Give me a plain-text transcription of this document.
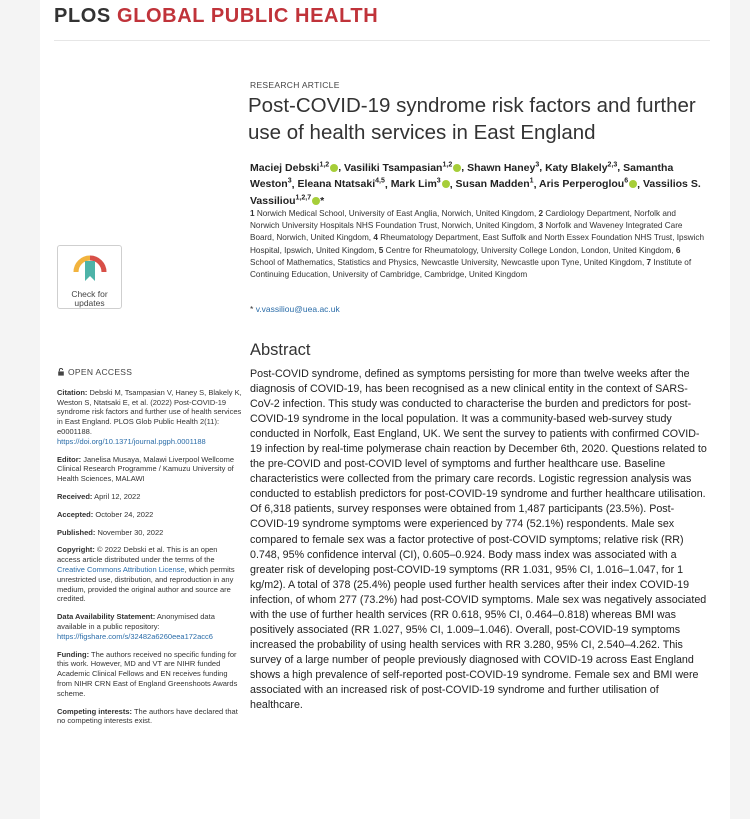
PLOS GLOBAL PUBLIC HEALTH
RESEARCH ARTICLE
Post-COVID-19 syndrome risk factors and further use of health services in East England
Maciej Debski$^{1,2}$ , Vasiliki Tsampasian$^{1,2}$ , Shawn Haney$^3$, Katy Blakely$^{2,3}$, Samantha Weston$^3$, Eleana Ntatsaki$^{4,5}$, Mark Lim$^3$ , Susan Madden$^1$, Aris Perperoglou$^6$ , Vassilios S. Vassiliou$^{1,2,7}$ *
1 Norwich Medical School, University of East Anglia, Norwich, United Kingdom, 2 Cardiology Department, Norfolk and Norwich University Hospitals NHS Foundation Trust, Norwich, United Kingdom, 3 Norfolk and Waveney Integrated Care Board, Norwich, United Kingdom, 4 Rheumatology Department, East Suffolk and North Essex Foundation NHS Trust, Ipswich Hospital, Ipswich, United Kingdom, 5 Centre for Rheumatology, University College London, London, United Kingdom, 6 School of Mathematics, Statistics and Physics, Newcastle University, Newcastle upon Tyne, United Kingdom, 7 Institute of Continuing Education, University of Cambridge, Cambridge, United Kingdom
* v.vassiliou@uea.ac.uk
Check for
updates
OPEN ACCESS
Citation: Debski M, Tsampasian V, Haney S, Blakely K, Weston S, Ntatsaki E, et al. (2022) Post-COVID-19 syndrome risk factors and further use of health services in East England. PLOS Glob Public Health 2(11): e0001188. https://doi.org/10.1371/journal.pgph.0001188
Editor: Janelisa Musaya, Malawi Liverpool Wellcome Clinical Research Programme / Kamuzu University of Health Sciences, MALAWI
Received: April 12, 2022
Accepted: October 24, 2022
Published: November 30, 2022
Copyright: © 2022 Debski et al. This is an open access article distributed under the terms of the Creative Commons Attribution License, which permits unrestricted use, distribution, and reproduction in any medium, provided the original author and source are credited.
Data Availability Statement: Anonymised data available in a public repository: https://figshare.com/s/32482a6260eea172acc6
Funding: The authors received no specific funding for this work. However, MD and VT are NIHR funded Academic Clinical Fellows and EN receives funding from NIHR CRN East of England Greenshoots Awards scheme.
Competing interests: The authors have declared that no competing interests exist.
Abstract

Post-COVID syndrome, defined as symptoms persisting for more than twelve weeks after the diagnosis of COVID-19, has been recognised as a new clinical entity in the context of SARS-CoV-2 infection. This study was conducted to characterise the burden and predictors for post-COVID-19 syndrome in the local population. It was a community-based web-survey study conducted in Norfolk, East England, UK. We sent the survey to patients with confirmed COVID-19 infection by real-time polymerase chain reaction by December 6th, 2020. Questions related to the pre-COVID and post-COVID level of symptoms and further healthcare use. Baseline characteristics were collected from the primary care records. Logistic regression analysis was conducted to establish predictors for post-COVID-19 syndrome and further healthcare utilisation. Of 6,318 patients, survey responses were obtained from 1,487 participants (23.5%). Post-COVID-19 syndrome symptoms were experienced by 774 (52.1%) respondents. Male sex compared to female sex was a factor protective of post-COVID symptoms; relative risk (RR) 0.748, 95% confidence interval (CI), 0.605–0.924. Body mass index was associated with a greater risk of developing post-COVID-19 symptoms (RR 1.031, 95% CI, 1.016–1.047, for 1 kg/m2). A total of 378 (25.4%) people used further health services after their index COVID-19 infection, of whom 277 (73.2%) had post-COVID symptoms. Male sex was negatively associated with the use of further health services (RR 0.618, 95% CI, 0.464–0.818) whereas BMI was positively associated (RR 1.027, 95% CI, 1.009–1.046). Overall, post-COVID-19 symptoms increased the probability of using health services with RR 3.280, 95% CI, 2.540–4.262. This survey of a large number of people previously diagnosed with COVID-19 across East England shows a high prevalence of self-reported post-COVID-19 syndrome. Female sex and BMI were associated with an increased risk of post-COVID-19 syndrome and further utilisation of healthcare.
